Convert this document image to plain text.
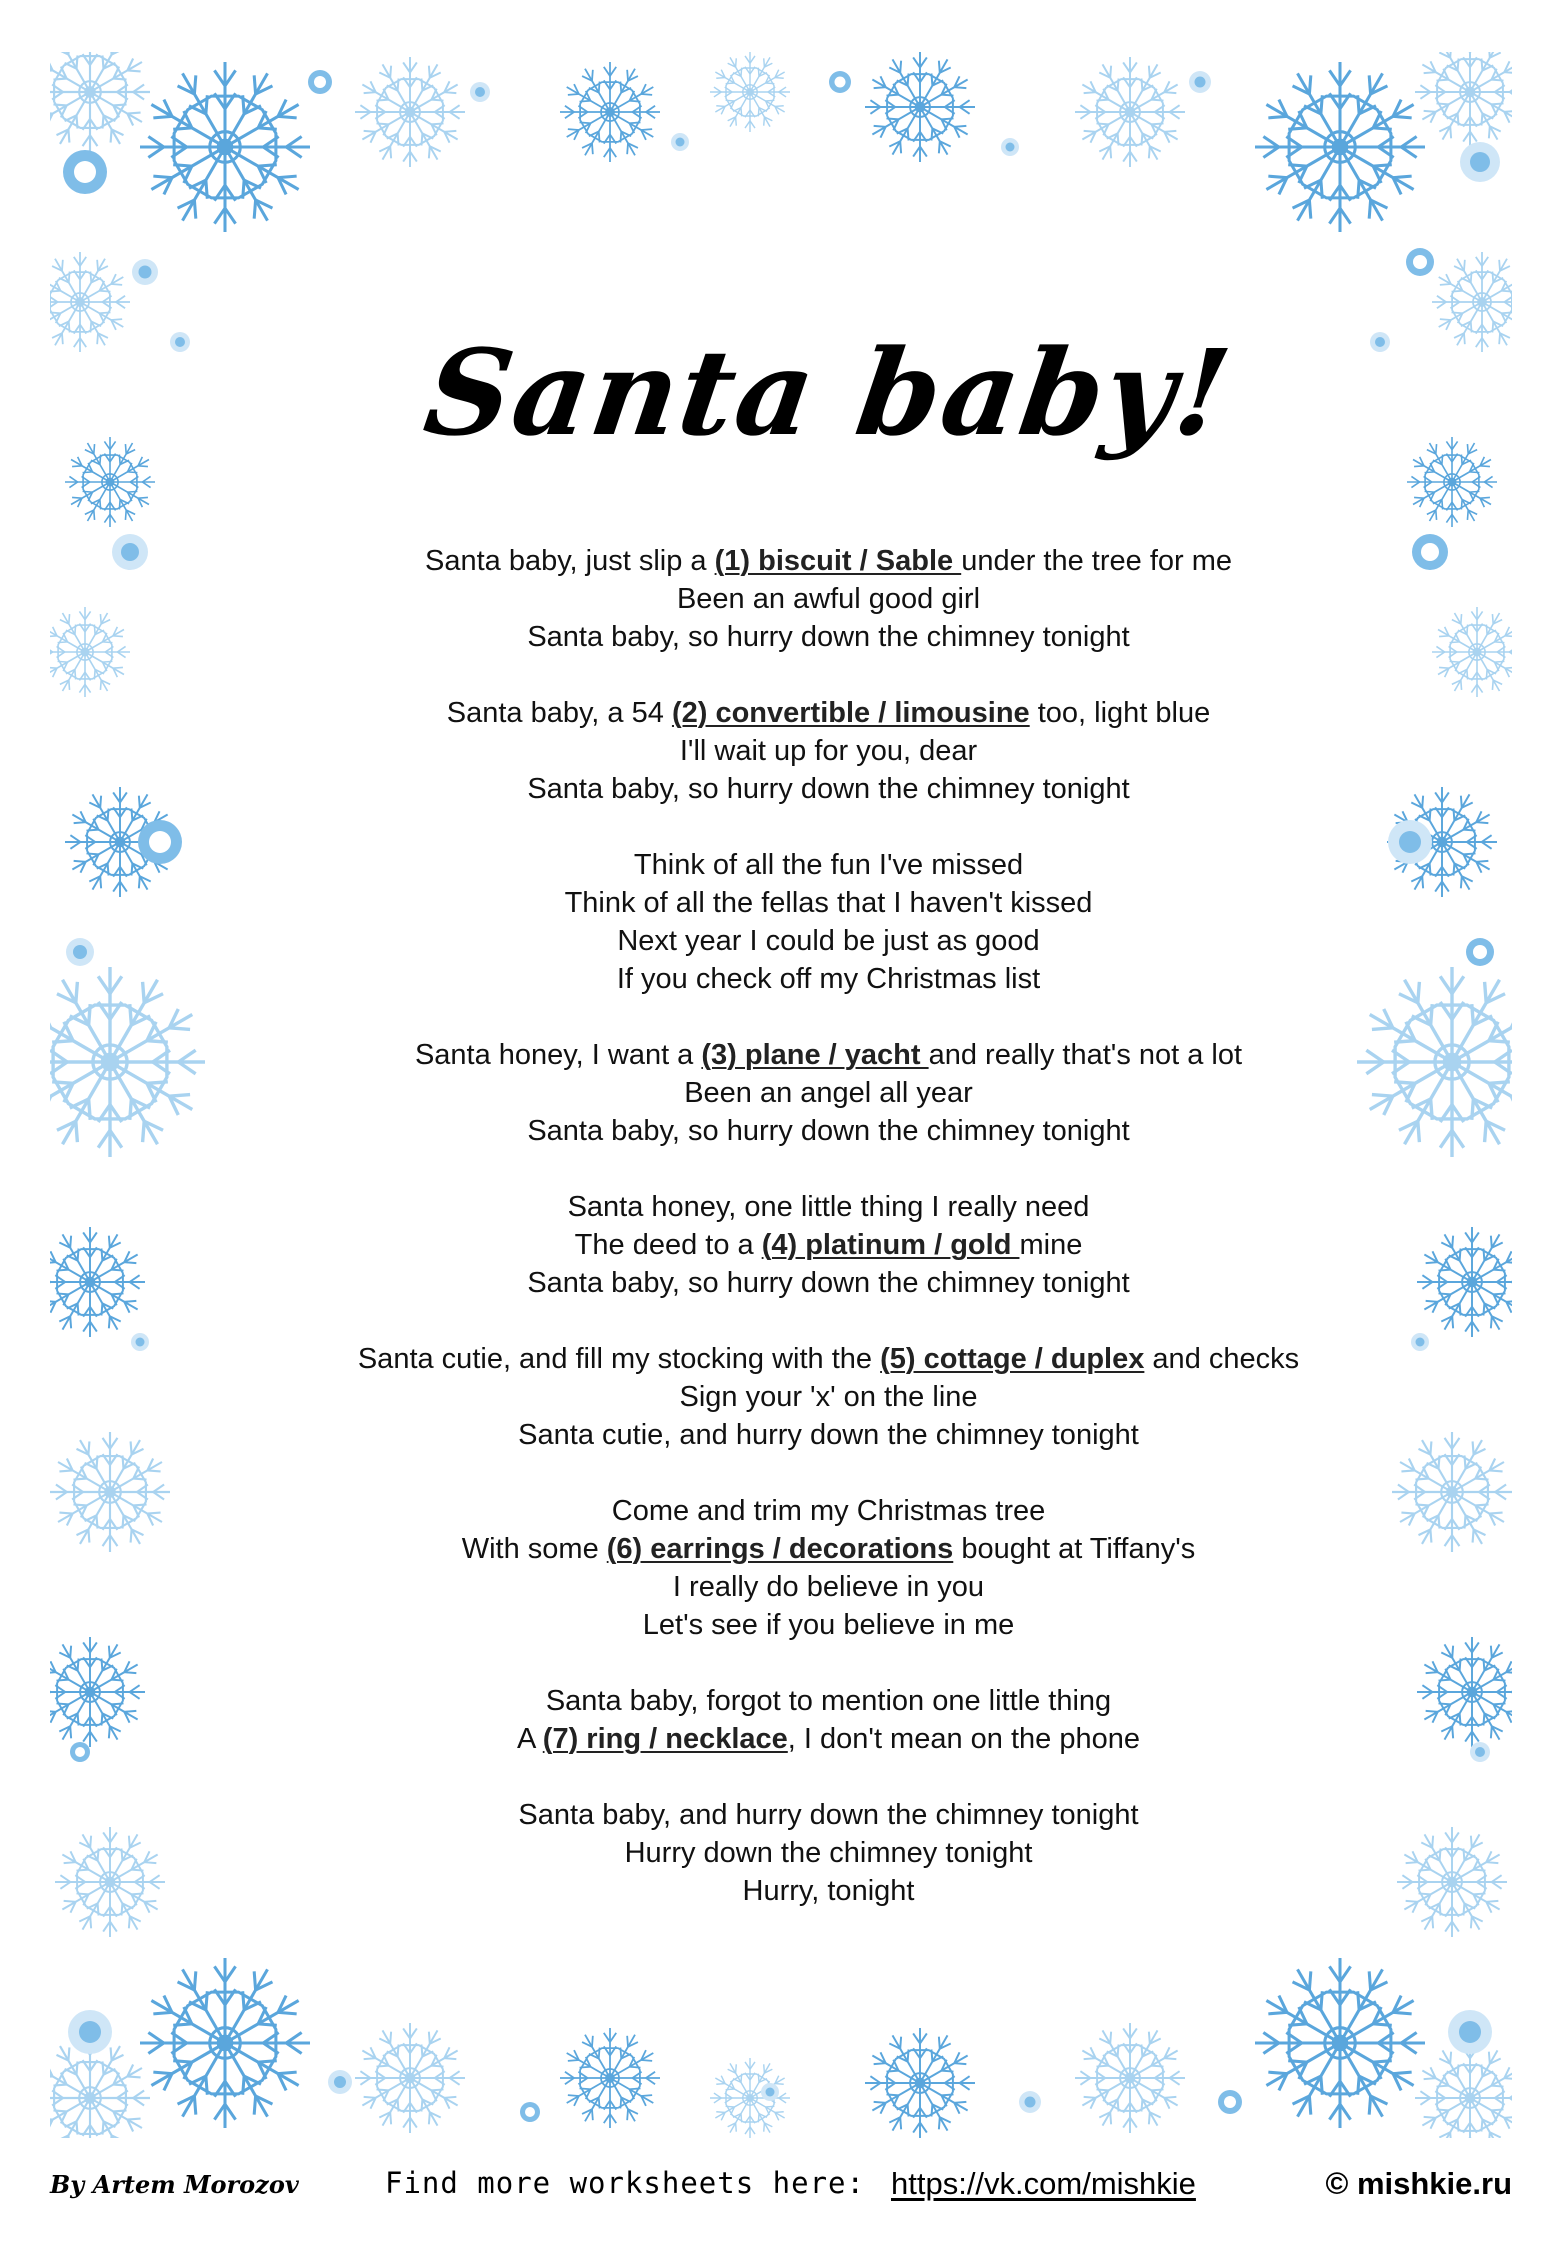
Santa baby!
Santa baby, just slip a (1) biscuit / Sable under the tree for me
Been an awful good girl
Santa baby, so hurry down the chimney tonight
Santa baby, a 54 (2) convertible / limousine too, light blue
I'll wait up for you, dear
Santa baby, so hurry down the chimney tonight
Think of all the fun I've missed
Think of all the fellas that I haven't kissed
Next year I could be just as good
If you check off my Christmas list
Santa honey, I want a (3) plane / yacht and really that's not a lot
Been an angel all year
Santa baby, so hurry down the chimney tonight
Santa honey, one little thing I really need
The deed to a (4) platinum / gold mine
Santa baby, so hurry down the chimney tonight
Santa cutie, and fill my stocking with the (5) cottage / duplex and checks
Sign your 'x' on the line
Santa cutie, and hurry down the chimney tonight
Come and trim my Christmas tree
With some (6) earrings / decorations bought at Tiffany's
I really do believe in you
Let's see if you believe in me
Santa baby, forgot to mention one little thing
A (7) ring / necklace, I don't mean on the phone
Santa baby, and hurry down the chimney tonight
Hurry down the chimney tonight
Hurry, tonight
By Artem Morozov	Find more worksheets here: https://vk.com/mishkie	© mishkie.ru
